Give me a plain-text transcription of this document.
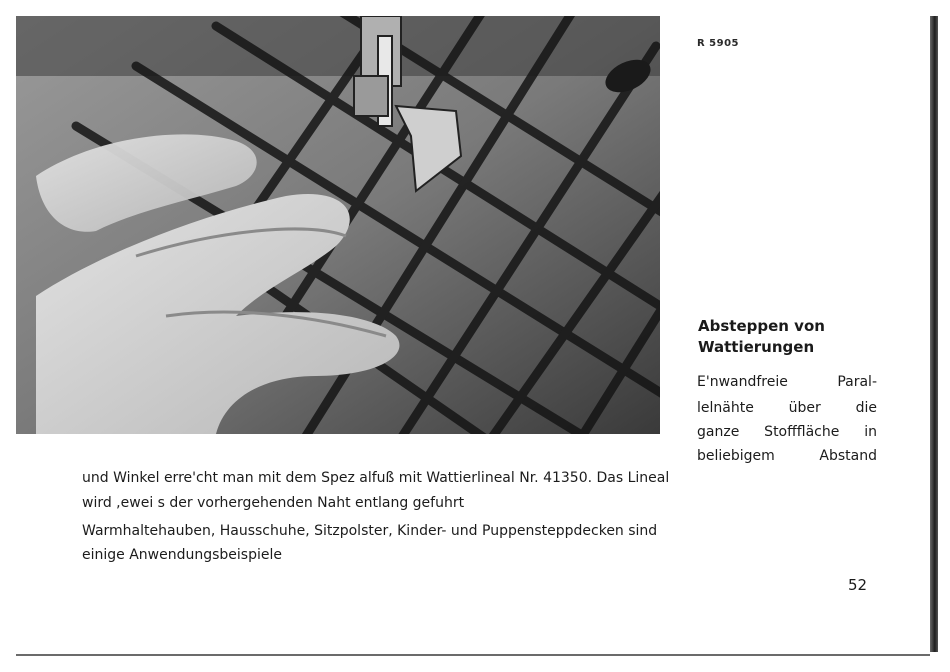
R 5905
Absteppen von
Wattierungen
E'nwandfreie Paral-
lelnähte über die
ganze Stofffläche in
beliebigem Abstand
und Winkel erre'cht man mit dem Spez alfuß mit Wattierlineal Nr. 41350. Das Lineal
wird ,ewei s der vorhergehenden Naht entlang gefuhrt
Warmhaltehauben, Hausschuhe, Sitzpolster, Kinder- und Puppensteppdecken sind
einige Anwendungsbeispiele
52
